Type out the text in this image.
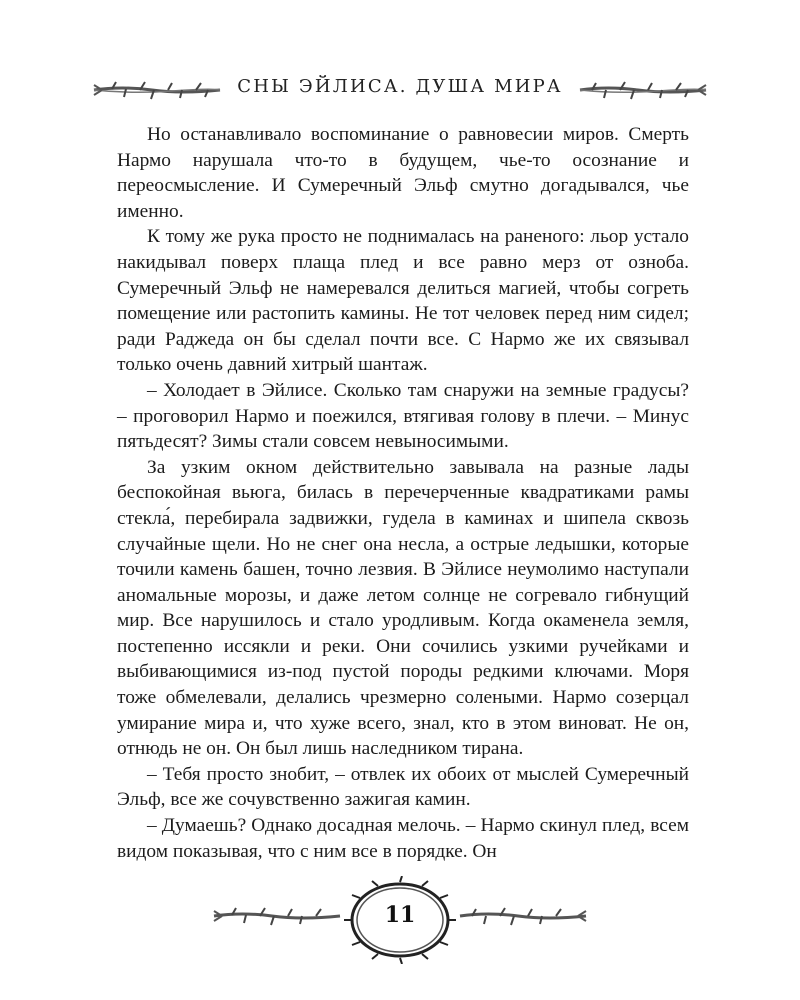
СНЫ ЭЙЛИСА. ДУША МИРА

Но останавливало воспоминание о равновесии миров. Смерть Нармо нарушала что-то в будущем, чье-то осознание и переосмысление. И Сумеречный Эльф смутно догадывался, чье именно.

К тому же рука просто не поднималась на раненого: льор устало накидывал поверх плаща плед и все равно мерз от озноба. Сумеречный Эльф не намеревался делиться магией, чтобы согреть помещение или растопить камины. Не тот человек перед ним сидел; ради Раджеда он бы сделал почти все. С Нармо же их связывал только очень давний хитрый шантаж.

– Холодает в Эйлисе. Сколько там снаружи на земные градусы? – проговорил Нармо и поежился, втягивая голову в плечи. – Минус пятьдесят? Зимы стали совсем невыносимыми.

За узким окном действительно завывала на разные лады беспокойная вьюга, билась в перечерченные квадратиками рамы стекла́, перебирала задвижки, гудела в каминах и шипела сквозь случайные щели. Но не снег она несла, а острые ледышки, которые точили камень башен, точно лезвия. В Эйлисе неумолимо наступали аномальные морозы, и даже летом солнце не согревало гибнущий мир. Все нарушилось и стало уродливым. Когда окаменела земля, постепенно иссякли и реки. Они сочились узкими ручейками и выбивающимися из-под пустой породы редкими ключами. Моря тоже обмелевали, делались чрезмерно солеными. Нармо созерцал умирание мира и, что хуже всего, знал, кто в этом виноват. Не он, отнюдь не он. Он был лишь наследником тирана.

– Тебя просто знобит, – отвлек их обоих от мыслей Сумеречный Эльф, все же сочувственно зажигая камин.

– Думаешь? Однако досадная мелочь. – Нармо скинул плед, всем видом показывая, что с ним все в порядке. Он

11
